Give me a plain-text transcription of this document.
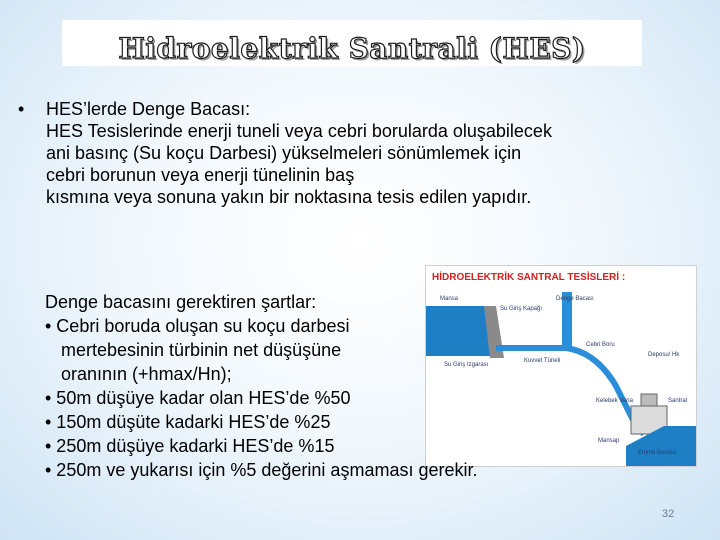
Hidroelektrik Santrali (HES)
•	HES’lerde Denge Bacası:
HES Tesislerinde enerji tuneli veya cebri borularda oluşabilecek
ani basınç (Su koçu Darbesi) yükselmeleri sönümlemek için
cebri borunun veya enerji tünelinin baş
kısmına veya sonuna yakın bir noktasına tesis edilen yapıdır.
HİDROELEKTRİK SANTRAL TESİSLERİ :
Mansa
Su Giriş Kapağı
Denge Bacası
Cebri Boru
Deposu/ Hk
Su Giriş Izgarası
Kuvvet Tüneli
Kelebek Vana	Santral
Mansap
Emme Borusu
Denge bacasını gerektiren şartlar:
• Cebri boruda oluşan su koçu darbesi
mertebesinin türbinin net düşüşüne
oranının (+hmax/Hn);
• 50m düşüye kadar olan HES’de %50
• 150m düşüte kadarki HES’de %25
• 250m düşüye kadarki HES’de %15
• 250m ve yukarısı için %5 değerini aşmaması gerekir.
32
